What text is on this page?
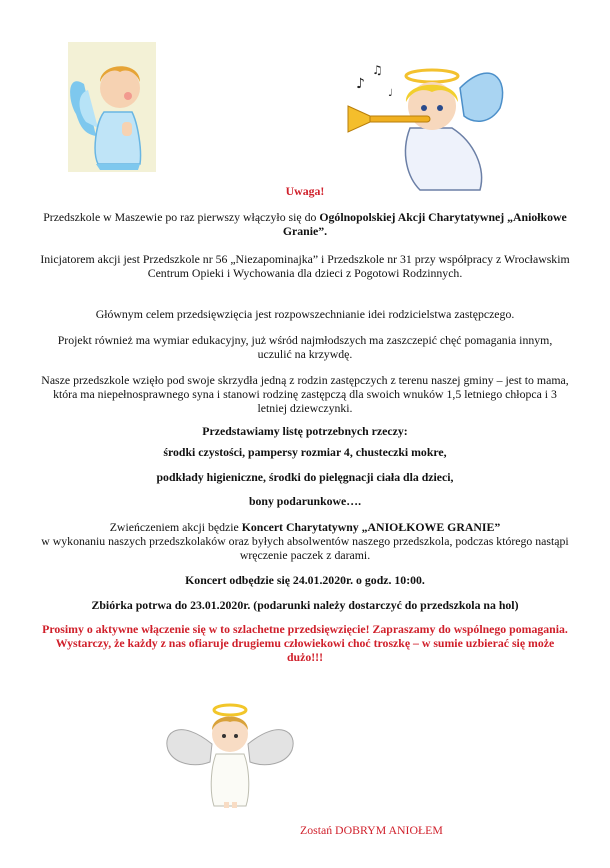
♪
♫
♩

Uwaga!

Przedszkole w Maszewie po raz pierwszy włączyło się do Ogólnopolskiej Akcji Charytatywnej „Aniołkowe Granie”.

Inicjatorem akcji jest Przedszkole nr 56 „Niezapominajka” i Przedszkole nr 31 przy współpracy z Wrocławskim Centrum Opieki i Wychowania dla dzieci z Pogotowi Rodzinnych.

Głównym celem przedsięwzięcia jest rozpowszechnianie idei rodzicielstwa zastępczego.

Projekt również ma wymiar edukacyjny, już wśród najmłodszych ma zaszczepić chęć pomagania innym, uczulić na krzywdę.

Nasze przedszkole wzięło pod swoje skrzydła jedną z rodzin zastępczych z terenu naszej gminy – jest to mama, która ma niepełnosprawnego syna i stanowi rodzinę zastępczą dla swoich wnuków 1,5 letniego chłopca i 3 letniej dziewczynki.

Przedstawiamy listę potrzebnych rzeczy:

środki czystości, pampersy rozmiar 4, chusteczki mokre,

podkłady higieniczne, środki do pielęgnacji ciała dla dzieci,

bony podarunkowe….

Zwieńczeniem akcji będzie Koncert Charytatywny „ANIOŁKOWE GRANIE”
w wykonaniu naszych przedszkolaków oraz byłych absolwentów naszego przedszkola, podczas którego nastąpi wręczenie paczek z darami.

Koncert odbędzie się 24.01.2020r. o godz. 10:00.

Zbiórka potrwa do 23.01.2020r. (podarunki należy dostarczyć do przedszkola na hol)

Prosimy o aktywne włączenie się w to szlachetne przedsięwzięcie! Zapraszamy do wspólnego pomagania. Wystarczy, że każdy z nas ofiaruje drugiemu człowiekowi choć troszkę – w sumie uzbierać się może dużo!!!

Zostań DOBRYM ANIOŁEM
